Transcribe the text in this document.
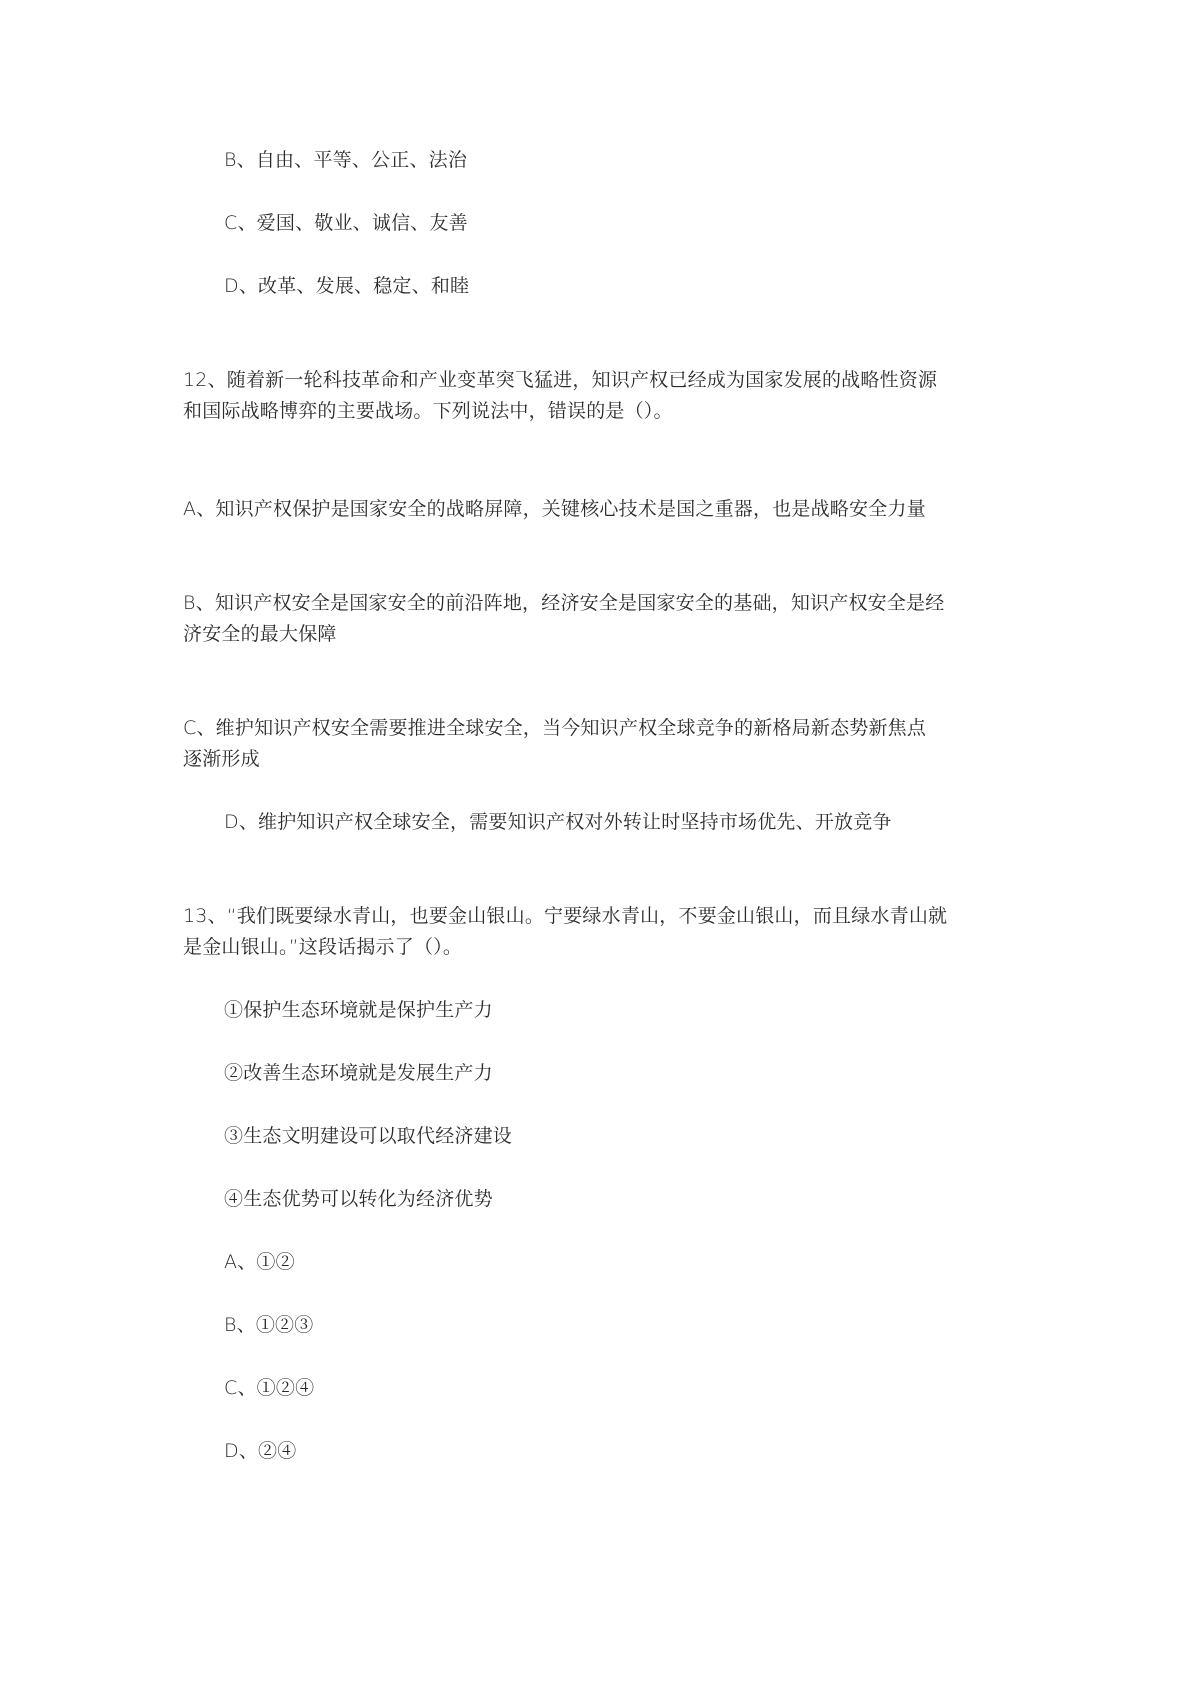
B、自由、平等、公正、法治
C、爱国、敬业、诚信、友善
D、改革、发展、稳定、和睦
12、随着新一轮科技革命和产业变革突飞猛进，知识产权已经成为国家发展的战略性资源
和国际战略博弈的主要战场。下列说法中，错误的是（）。
A、知识产权保护是国家安全的战略屏障，关键核心技术是国之重器，也是战略安全力量
B、知识产权安全是国家安全的前沿阵地，经济安全是国家安全的基础，知识产权安全是经
济安全的最大保障
C、维护知识产权安全需要推进全球安全，当今知识产权全球竞争的新格局新态势新焦点
逐渐形成
D、维护知识产权全球安全，需要知识产权对外转让时坚持市场优先、开放竞争
13、“我们既要绿水青山，也要金山银山。宁要绿水青山，不要金山银山，而且绿水青山就
是金山银山。”这段话揭示了（）。
①保护生态环境就是保护生产力
②改善生态环境就是发展生产力
③生态文明建设可以取代经济建设
④生态优势可以转化为经济优势
A、①②
B、①②③
C、①②④
D、②④
